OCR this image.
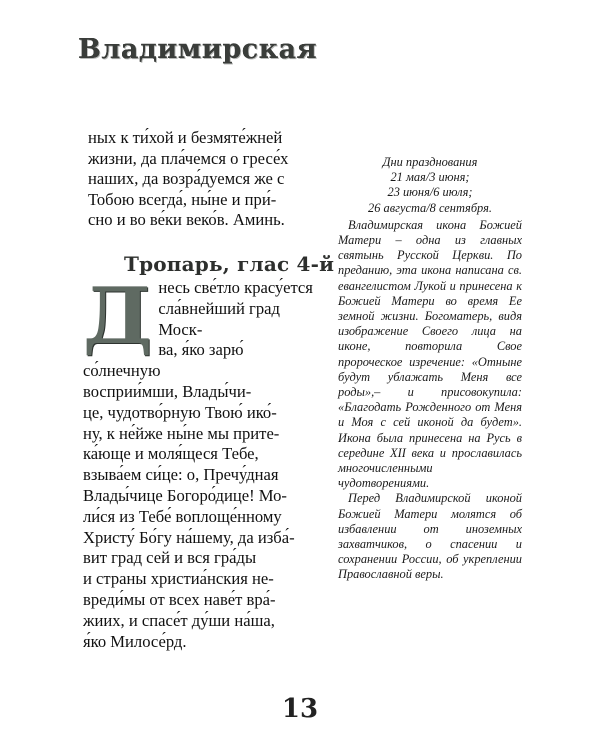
Владимирская

ных к ти́хой и безмяте́жней

жизни, да пла́чемся о гресе́х

наших, да возра́дуемся же с

Тобою всегда́, ны́не и при́-

сно и во ве́ки веко́в. Аминь.

Тропарь, глас 4-й
Д несь све́тло красу́ется

сла́внейший град Моск-

ва, я́ко зарю́ со́лнечную

восприи́мши, Влады́чи-

це, чудотво́рную Твою́ ико́-

ну, к не́йже ны́не мы прите-

ка́юще и моля́щеся Тебе,

взыва́ем си́це: о, Пречу́дная

Влады́чице Богоро́дице! Мо-

ли́ся из Тебе́ воплоще́нному

Христу́ Бо́гу на́шему, да изба́-

вит град сей и вся гра́ды

и страны христиа́нския не-

вреди́мы от всех наве́т вра́-

жиих, и спасе́т ду́ши на́ша,

я́ко Милосе́рд.

Дни празднования
21 мая/3 июня;
23 июня/6 июля;
26 августа/8 сентября.

Владимирская икона Божией Матери – одна из главных святынь Русской Церкви. По преданию, эта икона написана св. евангелистом Лукой и принесена к Божией Матери во время Ее земной жизни. Богоматерь, видя изображение Своего лица на иконе, повторила Свое пророческое изречение: «Отныне будут ублажать Меня все роды»,– и присовокупила: «Благодать Рожденного от Меня и Моя с сей иконой да будет». Икона была принесена на Русь в середине XII века и прославилась многочисленными чудотворениями.

Перед Владимирской иконой Божией Матери молятся об избавлении от иноземных захватчиков, о спасении и сохранении России, об укреплении Православной веры.

13
